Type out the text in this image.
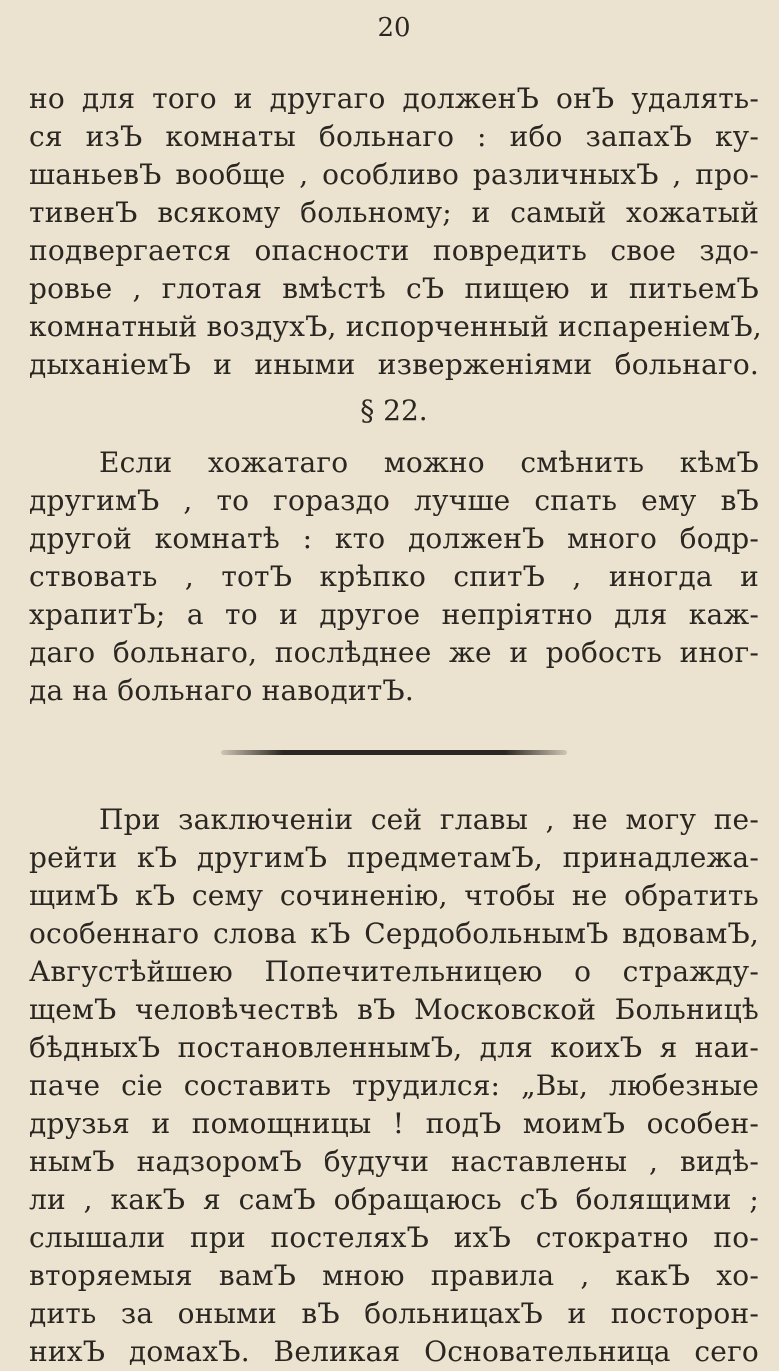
20
но для того и другаго долженЪ онЪ удалять-
ся изЪ комнаты больнаго : ибо запахЪ ку-
шаньевЪ вообще , особливо различныхЪ , про-
тивенЪ всякому больному; и самый хожатый
подвергается опасности повредить свое здо-
ровье , глотая вмѣстѣ сЪ пищею и питьемЪ
комнатный воздухЪ, испорченный испареніемЪ,
дыханіемЪ и иными изверженіями больнаго.
§ 22.
Если хожатаго можно смѣнить кѣмЪ
другимЪ , то гораздо лучше спать ему вЪ
другой комнатѣ : кто долженЪ много бодр-
ствовать , тотЪ крѣпко спитЪ , иногда и
храпитЪ; а то и другое непріятно для каж-
даго больнаго, послѣднее же и робость иног-
да на больнаго наводитЪ.
При заключеніи сей главы , не могу пе-
рейти кЪ другимЪ предметамЪ, принадлежа-
щимЪ кЪ сему сочиненію, чтобы не обратить
особеннаго слова кЪ СердобольнымЪ вдовамЪ,
Августѣйшею Попечительницею о стражду-
щемЪ человѣчествѣ вЪ Московской Больницѣ
бѣдныхЪ постановленнымЪ, для коихЪ я наи-
паче сіе составить трудился: „Вы, любезные
друзья и помощницы ! подЪ моимЪ особен-
нымЪ надзоромЪ будучи наставлены , видѣ-
ли , какЪ я самЪ обращаюсь сЪ болящими ;
слышали при постеляхЪ ихЪ стократно по-
вторяемыя вамЪ мною правила , какЪ хо-
дить за оными вЪ больницахЪ и посторон-
нихЪ домахЪ. Великая Основательница сего
